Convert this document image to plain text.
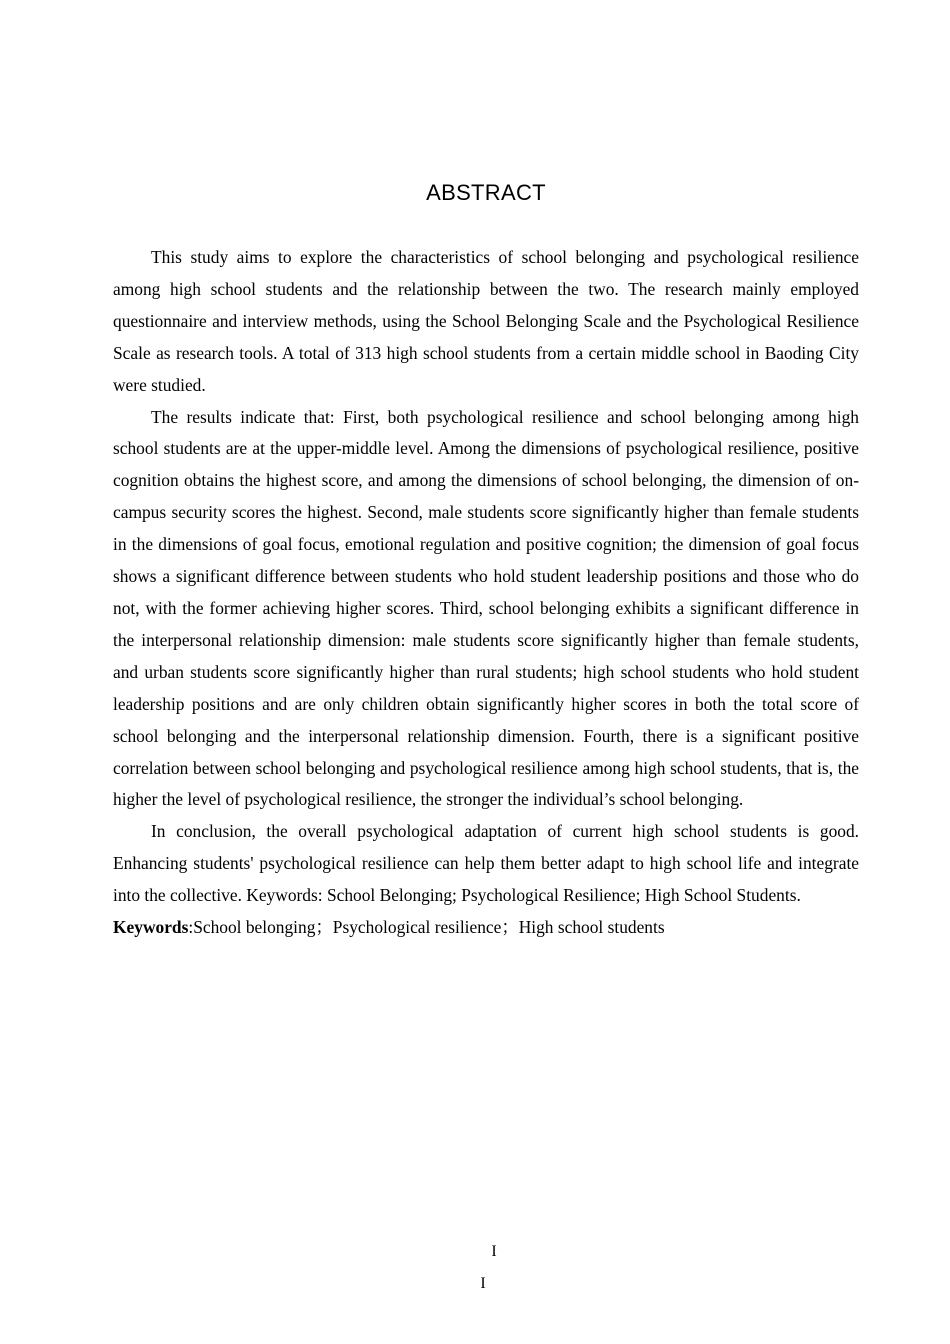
ABSTRACT

This study aims to explore the characteristics of school belonging and psychological resilience among high school students and the relationship between the two. The research mainly employed questionnaire and interview methods, using the School Belonging Scale and the Psychological Resilience Scale as research tools. A total of 313 high school students from a certain middle school in Baoding City were studied.

The results indicate that: First, both psychological resilience and school belonging among high school students are at the upper-middle level. Among the dimensions of psychological resilience, positive cognition obtains the highest score, and among the dimensions of school belonging, the dimension of on-campus security scores the highest. Second, male students score significantly higher than female students in the dimensions of goal focus, emotional regulation and positive cognition; the dimension of goal focus shows a significant difference between students who hold student leadership positions and those who do not, with the former achieving higher scores. Third, school belonging exhibits a significant difference in the interpersonal relationship dimension: male students score significantly higher than female students, and urban students score significantly higher than rural students; high school students who hold student leadership positions and are only children obtain significantly higher scores in both the total score of school belonging and the interpersonal relationship dimension. Fourth, there is a significant positive correlation between school belonging and psychological resilience among high school students, that is, the higher the level of psychological resilience, the stronger the individual’s school belonging.

In conclusion, the overall psychological adaptation of current high school students is good. Enhancing students' psychological resilience can help them better adapt to high school life and integrate into the collective. Keywords: School Belonging; Psychological Resilience; High School Students.

Keywords:School belonging；Psychological resilience；High school students

I
I
